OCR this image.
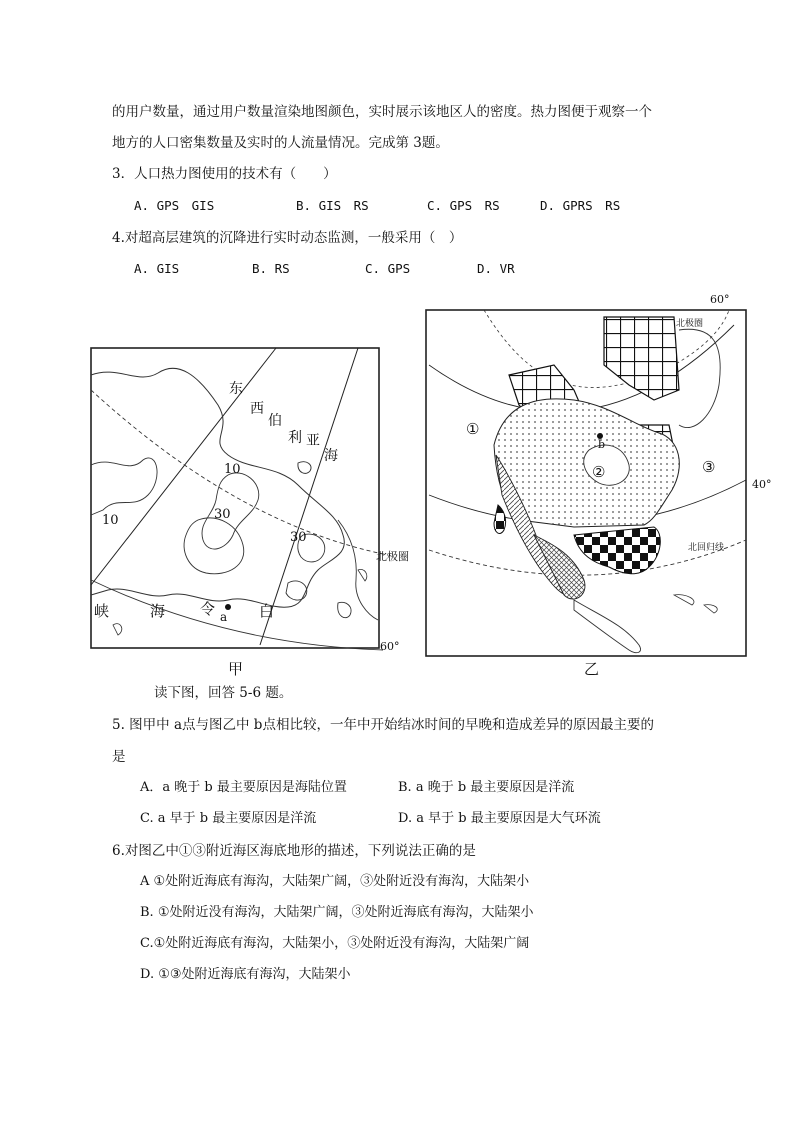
的用户数量，通过用户数量渲染地图颜色，实时展示该地区人的密度。热力图便于观察一个
地方的人口密集数量及实时的人流量情况。完成第 3题。
3．人口热力图使用的技术有（　　）
A. GPS　GIS	B. GIS　RS	C. GPS　RS	D. GPRS　RS
4.对超高层建筑的沉降进行实时动态监测，一般采用（　）
A. GIS	B. RS	C. GPS	D. VR
东
西
伯
利 亚
海
10
30
10
30
北极圈
60°
峡	海 令	白
a
甲
60°
40°
北极圈
北回归线
①
②	③
b
乙
读下图，回答 5-6 题。
5. 图甲中 a点与图乙中 b点相比较，一年中开始结冰时间的早晚和造成差异的原因最主要的
是
A．a 晚于 b 最主要原因是海陆位置	B. a 晚于 b 最主要原因是洋流
C. a 早于 b 最主要原因是洋流	D. a 早于 b 最主要原因是大气环流
6.对图乙中①③附近海区海底地形的描述，下列说法正确的是
A ①处附近海底有海沟，大陆架广阔，③处附近没有海沟，大陆架小
B. ①处附近没有海沟，大陆架广阔，③处附近海底有海沟，大陆架小
C.①处附近海底有海沟，大陆架小，③处附近没有海沟，大陆架广阔
D. ①③处附近海底有海沟，大陆架小
